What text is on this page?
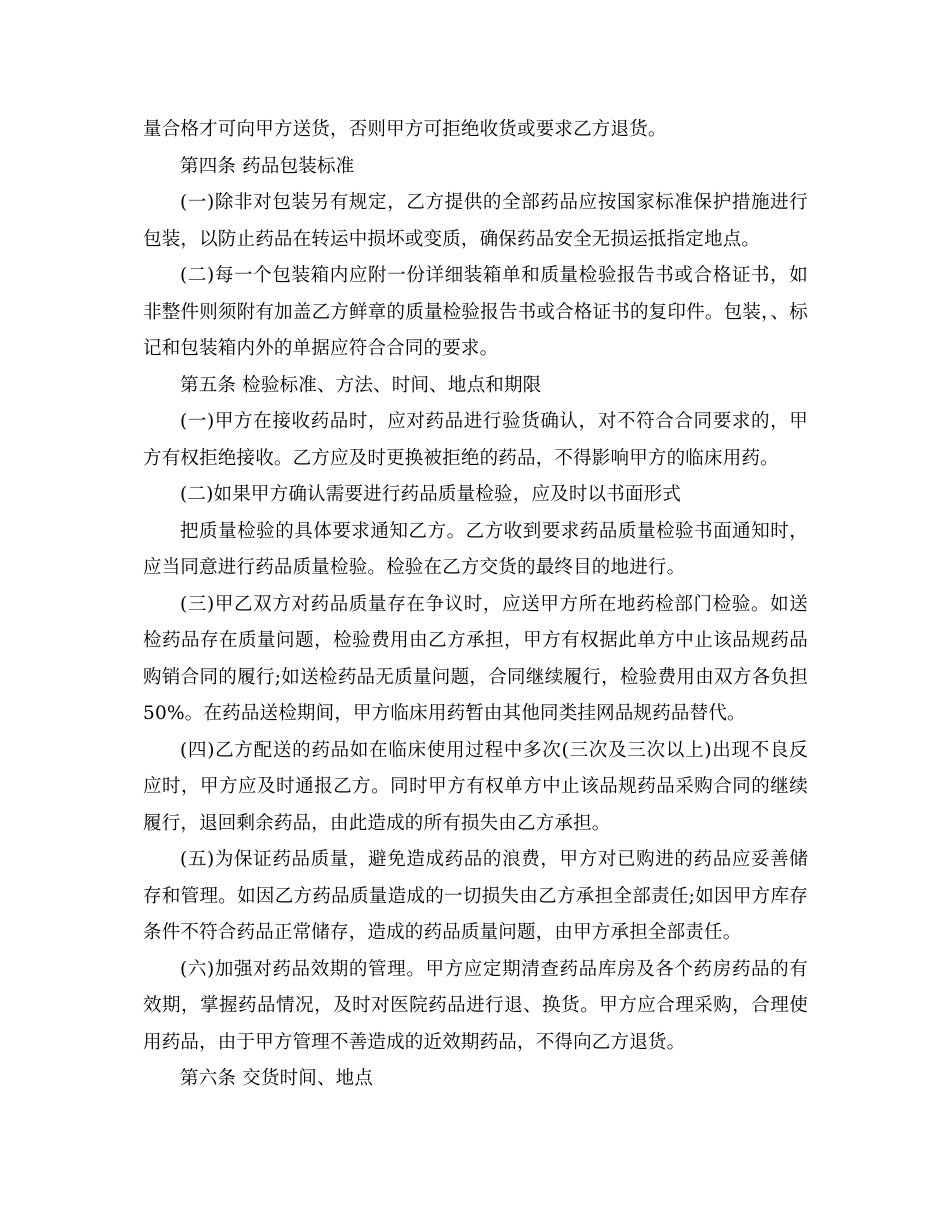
量合格才可向甲方送货，否则甲方可拒绝收货或要求乙方退货。

第四条 药品包装标准

(一)除非对包装另有规定，乙方提供的全部药品应按国家标准保护措施进行包装，以防止药品在转运中损坏或变质，确保药品安全无损运抵指定地点。

(二)每一个包装箱内应附一份详细装箱单和质量检验报告书或合格证书，如非整件则须附有加盖乙方鲜章的质量检验报告书或合格证书的复印件。包装，、标记和包装箱内外的单据应符合合同的要求。

第五条 检验标准、方法、时间、地点和期限

(一)甲方在接收药品时，应对药品进行验货确认，对不符合合同要求的，甲方有权拒绝接收。乙方应及时更换被拒绝的药品，不得影响甲方的临床用药。

(二)如果甲方确认需要进行药品质量检验，应及时以书面形式

把质量检验的具体要求通知乙方。乙方收到要求药品质量检验书面通知时，应当同意进行药品质量检验。检验在乙方交货的最终目的地进行。

(三)甲乙双方对药品质量存在争议时，应送甲方所在地药检部门检验。如送检药品存在质量问题，检验费用由乙方承担，甲方有权据此单方中止该品规药品购销合同的履行;如送检药品无质量问题，合同继续履行，检验费用由双方各负担50%。在药品送检期间，甲方临床用药暂由其他同类挂网品规药品替代。

(四)乙方配送的药品如在临床使用过程中多次(三次及三次以上)出现不良反应时，甲方应及时通报乙方。同时甲方有权单方中止该品规药品采购合同的继续履行，退回剩余药品，由此造成的所有损失由乙方承担。

(五)为保证药品质量，避免造成药品的浪费，甲方对已购进的药品应妥善储存和管理。如因乙方药品质量造成的一切损失由乙方承担全部责任;如因甲方库存条件不符合药品正常储存，造成的药品质量问题，由甲方承担全部责任。

(六)加强对药品效期的管理。甲方应定期清查药品库房及各个药房药品的有效期，掌握药品情况，及时对医院药品进行退、换货。甲方应合理采购，合理使用药品，由于甲方管理不善造成的近效期药品，不得向乙方退货。

第六条 交货时间、地点
